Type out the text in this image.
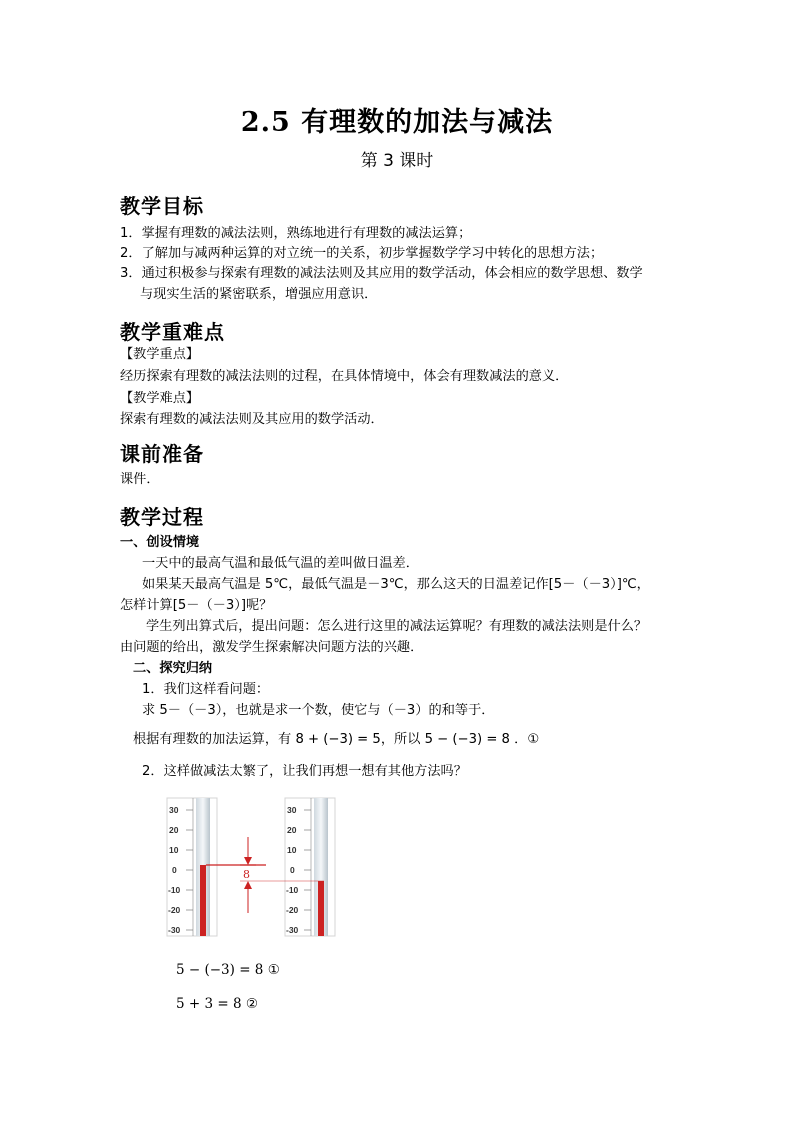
2.5 有理数的加法与减法
第 3 课时
教学目标
1．掌握有理数的减法法则，熟练地进行有理数的减法运算；
2．了解加与减两种运算的对立统一的关系，初步掌握数学学习中转化的思想方法；
3．通过积极参与探索有理数的减法法则及其应用的数学活动，体会相应的数学思想、数学
与现实生活的紧密联系，增强应用意识．
教学重难点
【教学重点】
经历探索有理数的减法法则的过程，在具体情境中，体会有理数减法的意义．
【教学难点】
探索有理数的减法法则及其应用的数学活动．
课前准备
课件．
教学过程
一、创设情境
一天中的最高气温和最低气温的差叫做日温差．
如果某天最高气温是 5℃，最低气温是－3℃，那么这天的日温差记作[5－（－3）]℃，
怎样计算[5－（－3）]呢？
学生列出算式后，提出问题：怎么进行这里的减法运算呢？有理数的减法法则是什么？
由问题的给出，激发学生探索解决问题方法的兴趣．
二、探究归纳
1．我们这样看问题：
求 5－（－3），也就是求一个数，使它与（－3）的和等于．
根据有理数的加法运算，有 8 + (−3) = 5，所以 5 − (−3) = 8 ．①
2．这样做减法太繁了，让我们再想一想有其他方法吗？
30
20
10
0
-10
-20
-30
30
20
10
0
-10
-20
-30
8
5 − (−3) = 8 ①
5 + 3 = 8 ②
